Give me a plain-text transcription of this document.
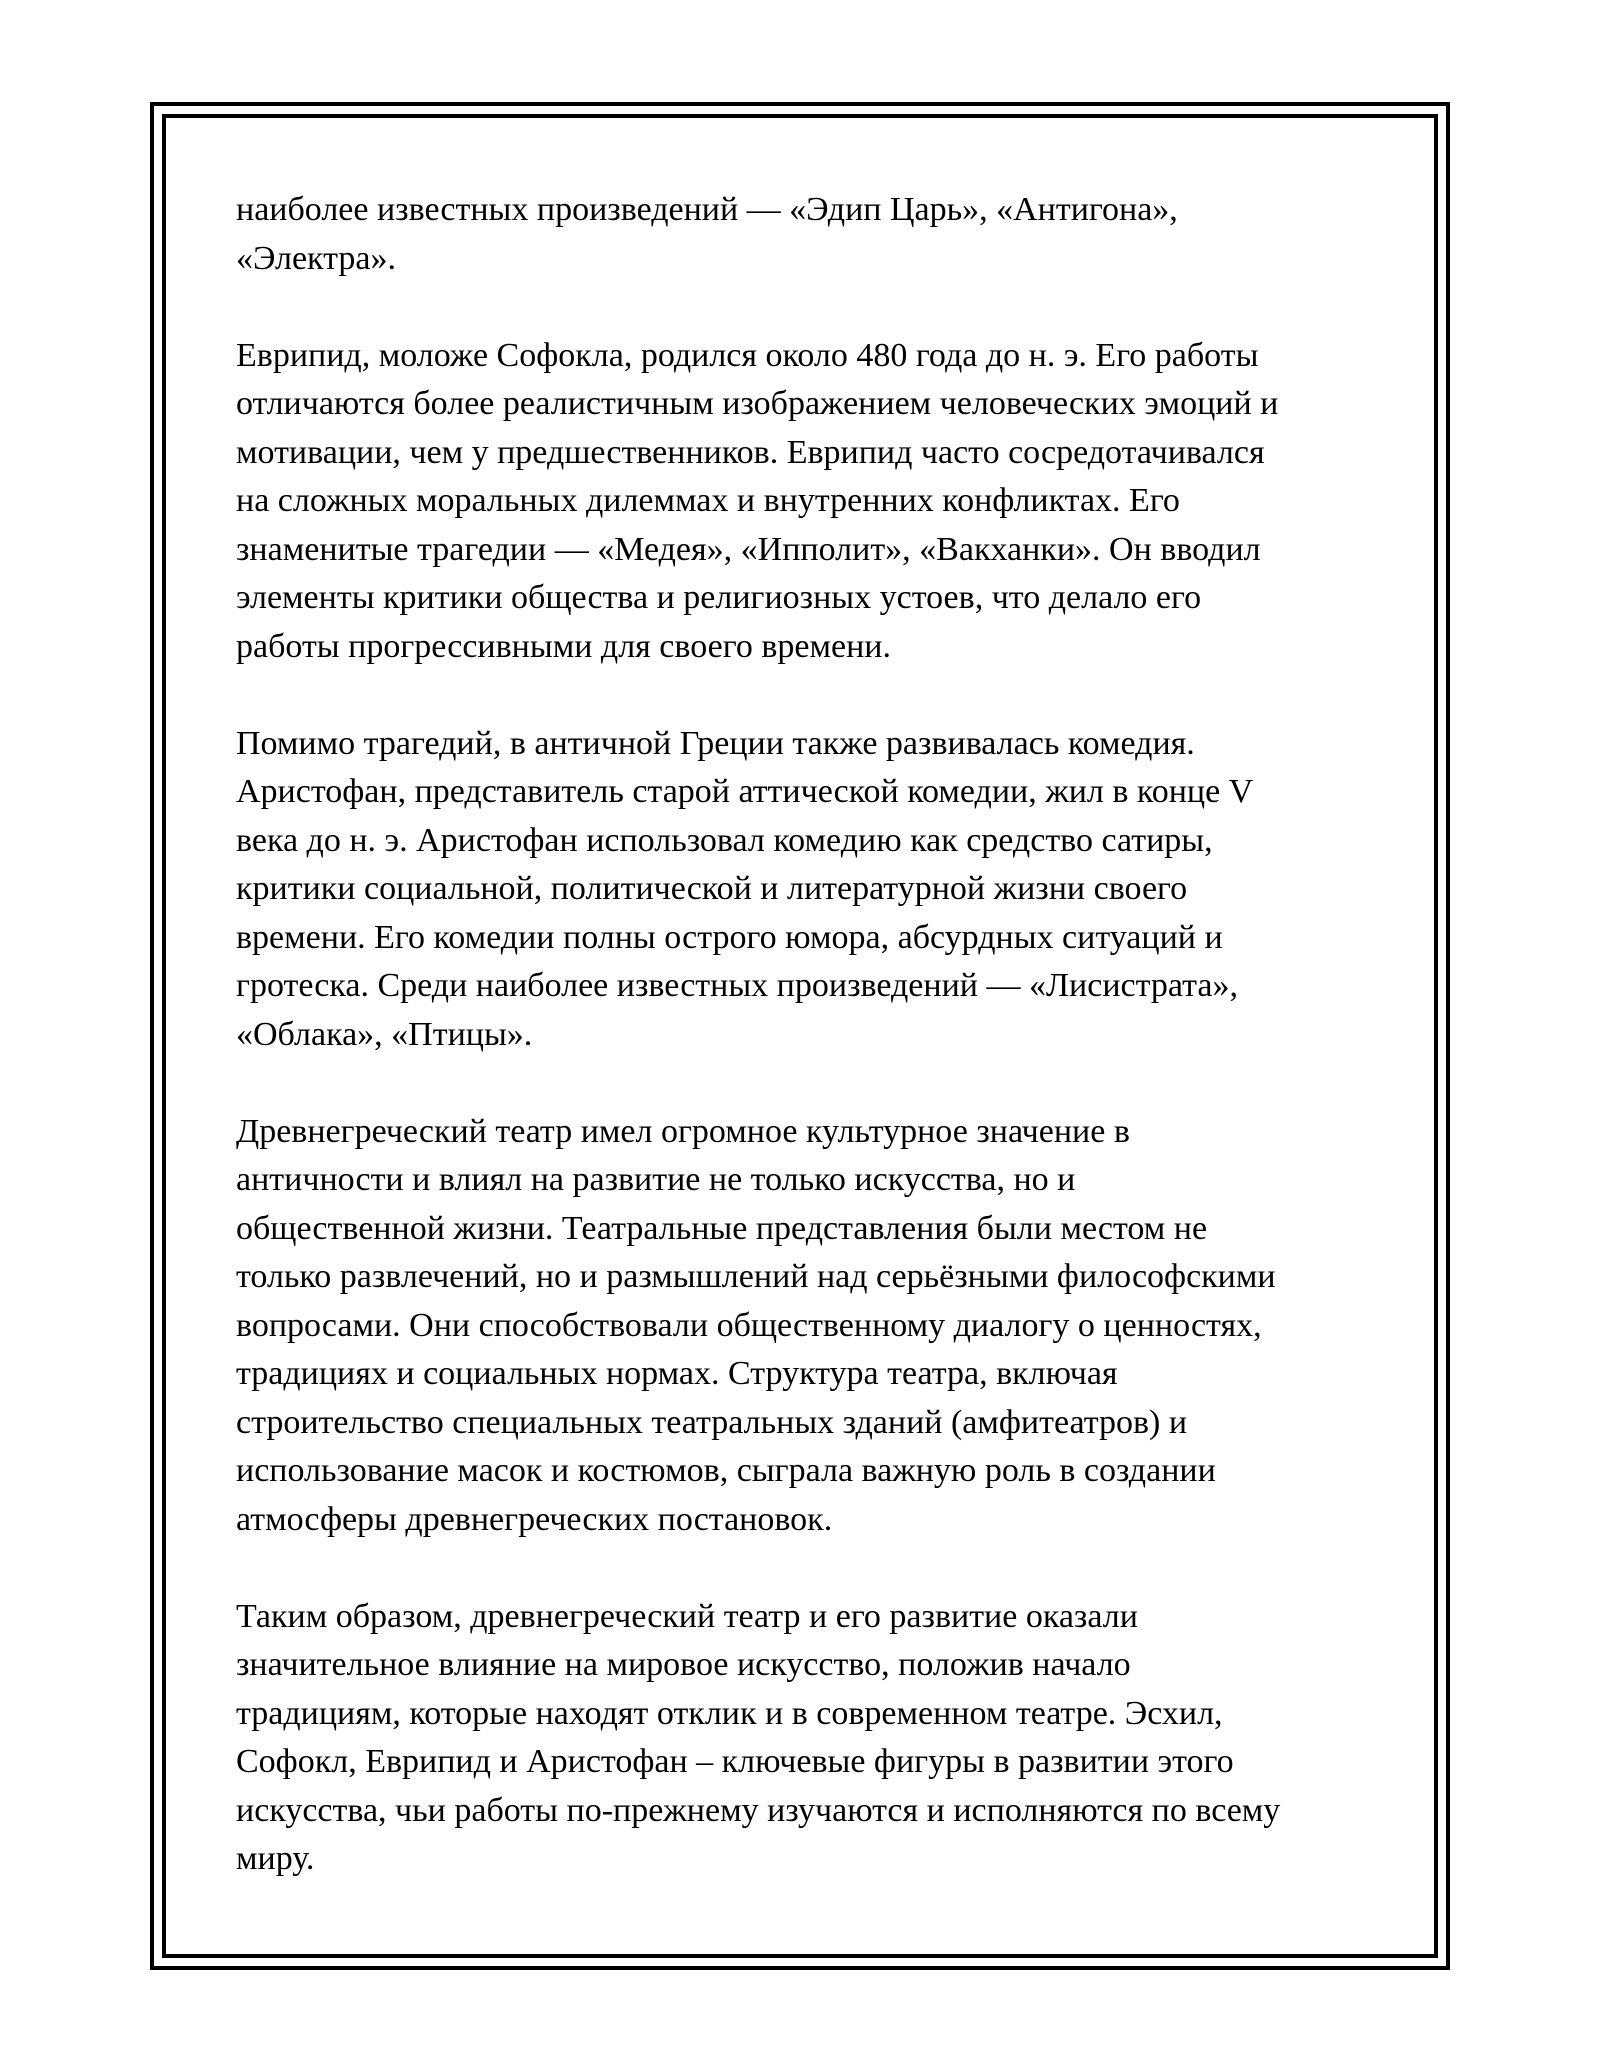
наиболее известных произведений — «Эдип Царь», «Антигона»,
«Электра».

Еврипид, моложе Софокла, родился около 480 года до н. э. Его работы
отличаются более реалистичным изображением человеческих эмоций и
мотивации, чем у предшественников. Еврипид часто сосредотачивался
на сложных моральных дилеммах и внутренних конфликтах. Его
знаменитые трагедии — «Медея», «Ипполит», «Вакханки». Он вводил
элементы критики общества и религиозных устоев, что делало его
работы прогрессивными для своего времени.

Помимо трагедий, в античной Греции также развивалась комедия.
Аристофан, представитель старой аттической комедии, жил в конце V
века до н. э. Аристофан использовал комедию как средство сатиры,
критики социальной, политической и литературной жизни своего
времени. Его комедии полны острого юмора, абсурдных ситуаций и
гротеска. Среди наиболее известных произведений — «Лисистрата»,
«Облака», «Птицы».

Древнегреческий театр имел огромное культурное значение в
античности и влиял на развитие не только искусства, но и
общественной жизни. Театральные представления были местом не
только развлечений, но и размышлений над серьёзными философскими
вопросами. Они способствовали общественному диалогу о ценностях,
традициях и социальных нормах. Структура театра, включая
строительство специальных театральных зданий (амфитеатров) и
использование масок и костюмов, сыграла важную роль в создании
атмосферы древнегреческих постановок.

Таким образом, древнегреческий театр и его развитие оказали
значительное влияние на мировое искусство, положив начало
традициям, которые находят отклик и в современном театре. Эсхил,
Софокл, Еврипид и Аристофан – ключевые фигуры в развитии этого
искусства, чьи работы по-прежнему изучаются и исполняются по всему
миру.
